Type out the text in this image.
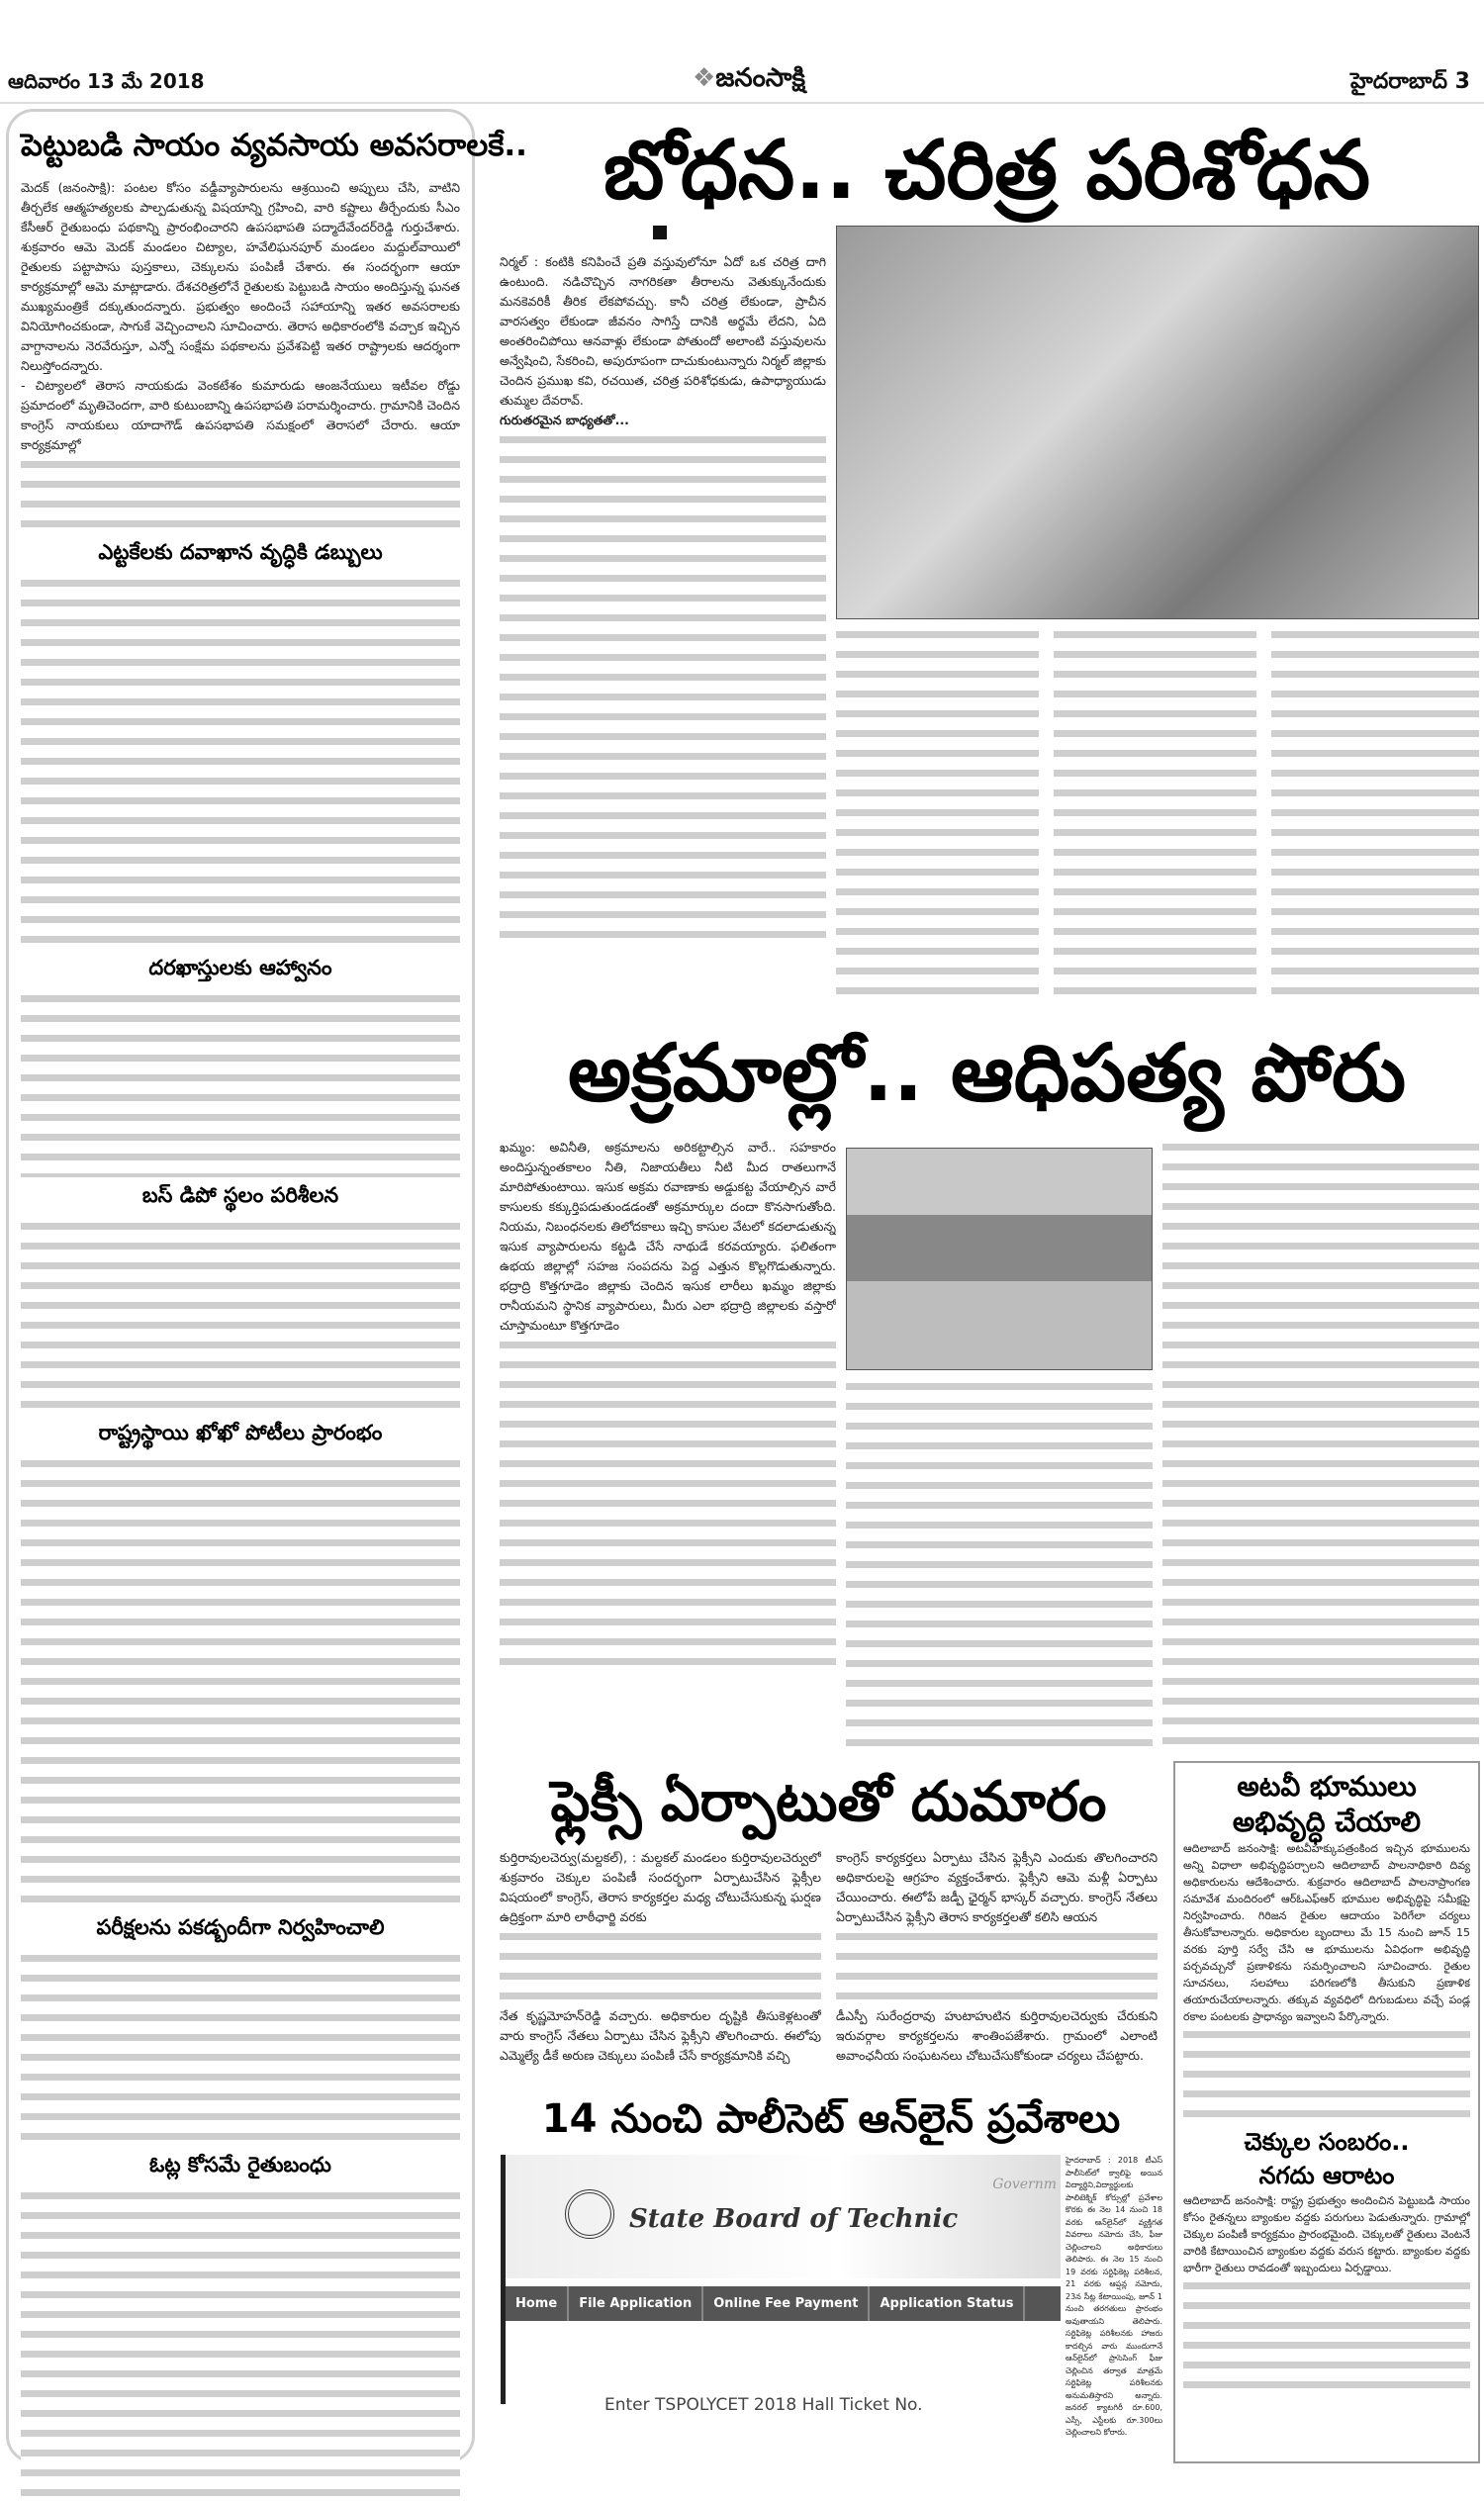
ఆదివారం 13 మే 2018	❖జనంసాక్షి	హైదరాబాద్ 3
పెట్టుబడి సాయం వ్యవసాయ అవసరాలకే..
మెదక్ (జనంసాక్షి): పంటల కోసం వడ్డీవ్యాపారులను ఆశ్రయించి అప్పులు చేసి, వాటిని తీర్చలేక ఆత్మహత్యలకు పాల్పడుతున్న విషయాన్ని గ్రహించి, వారి కష్టాలు తీర్చేందుకు సీఎం కేసీఆర్ రైతుబంధు పథకాన్ని ప్రారంభించారని ఉపసభాపతి పద్మాదేవేందర్‌రెడ్డి గుర్తుచేశారు. శుక్రవారం ఆమె మెదక్ మండలం చిట్యాల, హవేలిఘనపూర్ మండలం మద్దుల్‌వాయిలో రైతులకు పట్టాపాసు పుస్తకాలు, చెక్కులను పంపిణీ చేశారు. ఈ సందర్భంగా ఆయా కార్యక్రమాల్లో ఆమె మాట్లాడారు. దేశచరిత్రలోనే రైతులకు పెట్టుబడి సాయం అందిస్తున్న ఘనత ముఖ్యమంత్రికే దక్కుతుందన్నారు. ప్రభుత్వం అందించే సహాయాన్ని ఇతర అవసరాలకు వినియోగించకుండా, సాగుకే వెచ్చించాలని సూచించారు. తెరాస అధికారంలోకి వచ్చాక ఇచ్చిన వాగ్దానాలను నెరవేరుస్తూ, ఎన్నో సంక్షేమ పథకాలను ప్రవేశపెట్టి ఇతర రాష్ట్రాలకు ఆదర్శంగా నిలుస్తోందన్నారు.
- చిట్యాలలో తెరాస నాయకుడు వెంకటేశం కుమారుడు ఆంజనేయులు ఇటీవల రోడ్డు ప్రమాదంలో మృతిచెందగా, వారి కుటుంబాన్ని ఉపసభాపతి పరామర్శించారు. గ్రామానికి చెందిన కాంగ్రెస్ నాయకులు యాదాగౌడ్ ఉపసభాపతి సమక్షంలో తెరాసలో చేరారు. ఆయా కార్యక్రమాల్లో
ఎట్టకేలకు దవాఖాన వృద్ధికి డబ్బులు
దరఖాస్తులకు ఆహ్వానం
బస్ డిపో స్థలం పరిశీలన
రాష్ట్రస్థాయి ఖోఖో పోటీలు ప్రారంభం
పరీక్షలను పకడ్బందీగా నిర్వహించాలి
ఓట్ల కోసమే రైతుబంధు
బోధన.. చరిత్ర పరిశోధన
నిర్మల్ : కంటికి కనిపించే ప్రతి వస్తువులోనూ ఏదో ఒక చరిత్ర దాగి ఉంటుంది. నడిచొచ్చిన నాగరికతా తీరాలను వెతుక్కునేందుకు మనకెవరికీ తీరిక లేకపోవచ్చు. కానీ చరిత్ర లేకుండా, ప్రాచీన వారసత్వం లేకుండా జీవనం సాగిస్తే దానికి అర్థమే లేదని, ఏది అంతరించిపోయి ఆనవాళ్లు లేకుండా పోతుందో అలాంటి వస్తువులను అన్వేషించి, సేకరించి, అపురూపంగా దాచుకుంటున్నారు నిర్మల్ జిల్లాకు చెందిన ప్రముఖ కవి, రచయిత, చరిత్ర పరిశోధకుడు, ఉపాధ్యాయుడు తుమ్మల దేవరావ్.
గురుతరమైన బాధ్యతతో...
అక్రమాల్లో.. ఆధిపత్య పోరు
ఖమ్మం: అవినీతి, అక్రమాలను అరికట్టాల్సిన వారే.. సహకారం అందిస్తున్నంతకాలం నీతి, నిజాయతీలు నీటి మీద రాతలుగానే మారిపోతుంటాయి. ఇసుక అక్రమ రవాణాకు అడ్డుకట్ట వేయాల్సిన వారే కాసులకు కక్కుర్తిపడుతుండడంతో అక్రమార్కుల దందా కొనసాగుతోంది. నియమ, నిబంధనలకు తిలోదకాలు ఇచ్చి కాసుల వేటలో కదలాడుతున్న ఇసుక వ్యాపారులను కట్టడి చేసే నాథుడే కరవయ్యారు. ఫలితంగా ఉభయ జిల్లాల్లో సహజ సంపదను పెద్ద ఎత్తున కొల్లగొడుతున్నారు. భద్రాద్రి కొత్తగూడెం జిల్లాకు చెందిన ఇసుక లారీలు ఖమ్మం జిల్లాకు రానీయమని స్థానిక వ్యాపారులు, మీరు ఎలా భద్రాద్రి జిల్లాలకు వస్తారో చూస్తామంటూ కొత్తగూడెం
ఫ్లెక్సీ ఏర్పాటుతో దుమారం
కుర్తిరావులచెర్వు(మల్దకల్), : మల్దకల్ మండలం కుర్తిరావులచెర్వులో శుక్రవారం చెక్కుల పంపిణీ సందర్భంగా ఏర్పాటుచేసిన ఫ్లెక్సీల విషయంలో కాంగ్రెస్, తెరాస కార్యకర్తల మధ్య చోటుచేసుకున్న ఘర్షణ ఉద్రిక్తంగా మారి లాఠీఛార్జి వరకు
నేత కృష్ణమోహన్‌రెడ్డి వచ్చారు. అధికారుల దృష్టికి తీసుకెళ్లటంతో వారు కాంగ్రెస్ నేతలు ఏర్పాటు చేసిన ఫ్లెక్సీని తొలగించారు. ఈలోపు ఎమ్మెల్యే డీకే అరుణ చెక్కులు పంపిణీ చేసే కార్యక్రమానికి వచ్చి
కాంగ్రెస్ కార్యకర్తలు ఏర్పాటు చేసిన ఫ్లెక్సీని ఎందుకు తొలగించారని అధికారులపై ఆగ్రహం వ్యక్తంచేశారు. ఫ్లెక్సీని ఆమె మళ్లీ ఏర్పాటు చేయించారు. ఈలోపే జడ్పీ ఛైర్మన్ భాస్కర్ వచ్చారు. కాంగ్రెస్ నేతలు ఏర్పాటుచేసిన ఫ్లెక్సీని తెరాస కార్యకర్తలతో కలిసి ఆయన
డీఎస్పీ సురేంద్రరావు హుటాహుటిన కుర్తిరావులచెర్వుకు చేరుకుని ఇరువర్గాల కార్యకర్తలను శాంతింపజేశారు. గ్రామంలో ఎలాంటి అవాంఛనీయ సంఘటనలు చోటుచేసుకోకుండా చర్యలు చేపట్టారు.
14 నుంచి పాలీసెట్ ఆన్‌లైన్ ప్రవేశాలు
State Board of Technic
Governm
Home	File Application	Online Fee Payment	Application Status
Enter TSPOLYCET 2018 Hall Ticket No.
హైదరాబాద్ : 2018 టీఎస్ పాలీసెట్‌లో క్వాలిఫై అయిన విద్యార్థిని,విద్యార్థులకు పాలిటెక్నిక్ కోర్సుల్లో ప్రవేశాల కొరకు ఈ నెల 14 నుంచి 18 వరకు ఆన్‌లైన్‌లో వ్యక్తిగత వివరాలు నమోదు చేసి, ఫీజు చెల్లించాలని అధికారులు తెలిపారు. ఈ నెల 15 నుంచి 19 వరకు సర్టిఫికెట్ల పరిశీలన, 21 వరకు ఆప్షన్ల నమోదు, 23న సీట్ల కేటాయింపు, జూన్ 1 నుంచి తరగతులు ప్రారంభం అవుతాయని తెలిపారు. సర్టిఫికెట్ల పరిశీలనకు హాజరు కాదల్చిన వారు ముందుగానే ఆన్‌లైన్‌లో ప్రాసెసింగ్ ఫీజు చెల్లించిన తర్వాత మాత్రమే సర్టిఫికెట్ల పరిశీలనకు అనుమతిస్తారని అన్నారు. జనరల్ క్యాటగిరీ రూ.600, ఎస్సీ, ఎస్టీలకు రూ.300లు చెల్లించాలని కోరారు.
అటవీ భూములు
అభివృద్ధి చేయాలి
ఆదిలాబాద్ జనంసాక్షి: అటవీహక్కుపత్రంకింద ఇచ్చిన భూములను అన్ని విధాలా అభివృద్ధిపర్చాలని ఆదిలాబాద్ పాలనాధికారి దివ్య అధికారులను ఆదేశించారు. శుక్రవారం ఆదిలాబాద్ పాలనాప్రాంగణ సమావేశ మందిరంలో ఆర్ఓఎఫ్ఆర్ భూముల అభివృద్ధిపై సమీక్షపై నిర్వహించారు. గిరిజన రైతుల ఆదాయం పెరిగేలా చర్యలు తీసుకోవాలన్నారు. అధికారుల బృందాలు మే 15 నుంచి జూన్ 15 వరకు పూర్తి సర్వే చేసి ఆ భూములను ఏవిధంగా అభివృద్ధి పర్చవచ్చునో ప్రణాళికను సమర్పించాలని సూచించారు. రైతుల సూచనలు, సలహాలు పరిగణలోకి తీసుకుని ప్రణాళిక తయారుచేయాలన్నారు. తక్కువ వ్యవధిలో దిగుబడులు వచ్చే పండ్ల రకాల పంటలకు ప్రాధాన్యం ఇవ్వాలని పేర్కొన్నారు.
చెక్కుల సంబరం..
నగదు ఆరాటం
ఆదిలాబాద్ జనంసాక్షి: రాష్ట్ర ప్రభుత్వం అందించిన పెట్టుబడి సాయం కోసం రైతన్నలు బ్యాంకుల వద్దకు పరుగులు పెడుతున్నారు. గ్రామాల్లో చెక్కుల పంపిణీ కార్యక్రమం ప్రారంభమైంది. చెక్కులతో రైతులు వెంటనే వారికి కేటాయించిన బ్యాంకుల వద్దకు వరుస కట్టారు. బ్యాంకుల వద్దకు భారీగా రైతులు రావడంతో ఇబ్బందులు ఏర్పడ్డాయి.
